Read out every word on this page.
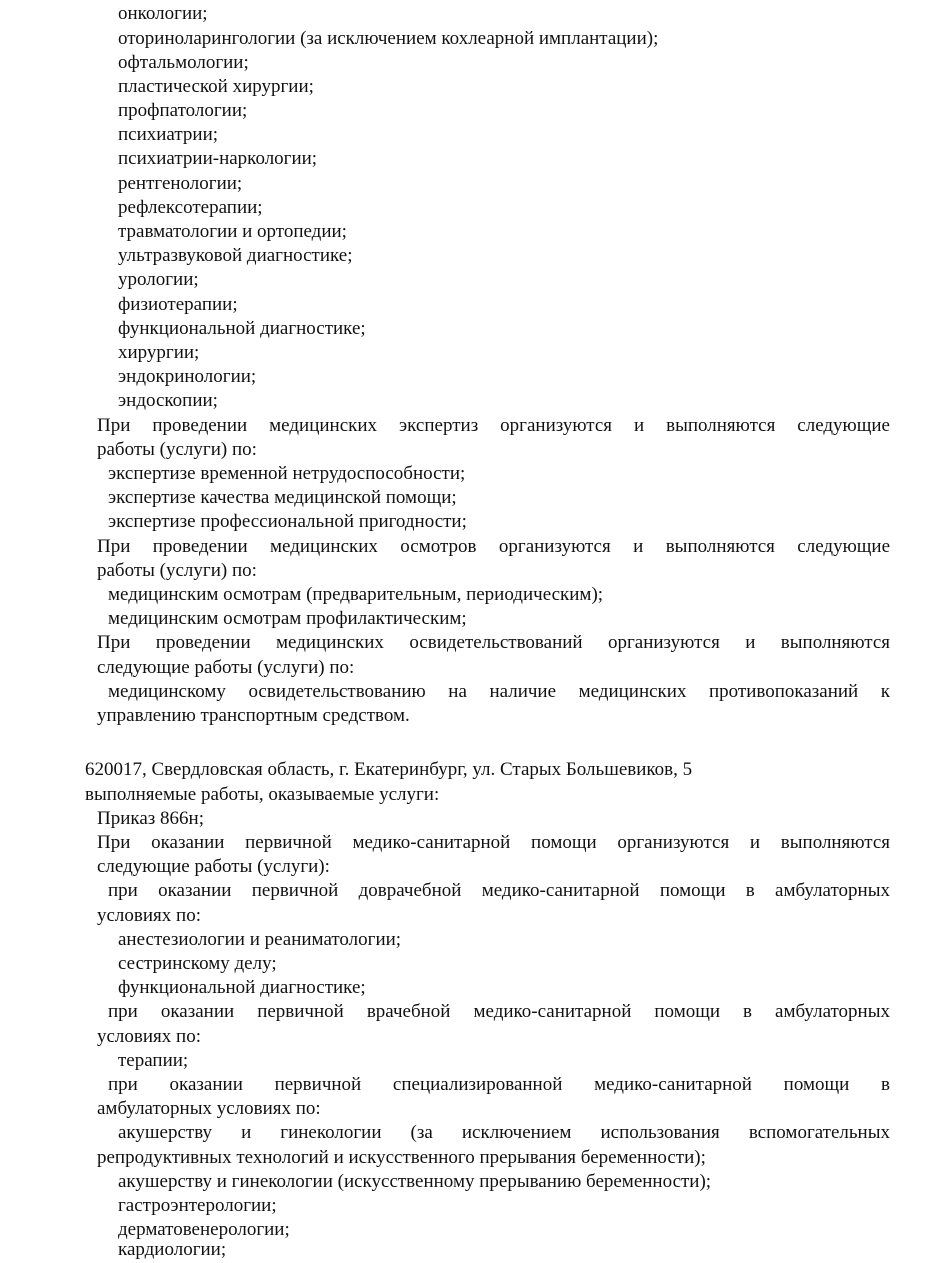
онкологии;
оториноларингологии (за исключением кохлеарной имплантации);
офтальмологии;
пластической хирургии;
профпатологии;
психиатрии;
психиатрии-наркологии;
рентгенологии;
рефлексотерапии;
травматологии и ортопедии;
ультразвуковой диагностике;
урологии;
физиотерапии;
функциональной диагностике;
хирургии;
эндокринологии;
эндоскопии;
При проведении медицинских экспертиз организуются и выполняются следующие
работы (услуги) по:
экспертизе временной нетрудоспособности;
экспертизе качества медицинской помощи;
экспертизе профессиональной пригодности;
При проведении медицинских осмотров организуются и выполняются следующие
работы (услуги) по:
медицинским осмотрам (предварительным, периодическим);
медицинским осмотрам профилактическим;
При проведении медицинских освидетельствований организуются и выполняются
следующие работы (услуги) по:
медицинскому освидетельствованию на наличие медицинских противопоказаний к
управлению транспортным средством.
620017, Свердловская область, г. Екатеринбург, ул. Старых Большевиков, 5
выполняемые работы, оказываемые услуги:
Приказ 866н;
При оказании первичной медико-санитарной помощи организуются и выполняются
следующие работы (услуги):
при оказании первичной доврачебной медико-санитарной помощи в амбулаторных
условиях по:
анестезиологии и реаниматологии;
сестринскому делу;
функциональной диагностике;
при оказании первичной врачебной медико-санитарной помощи в амбулаторных
условиях по:
терапии;
при оказании первичной специализированной медико-санитарной помощи в
амбулаторных условиях по:
акушерству и гинекологии (за исключением использования вспомогательных
репродуктивных технологий и искусственного прерывания беременности);
акушерству и гинекологии (искусственному прерыванию беременности);
гастроэнтерологии;
дерматовенерологии;
кардиологии;
